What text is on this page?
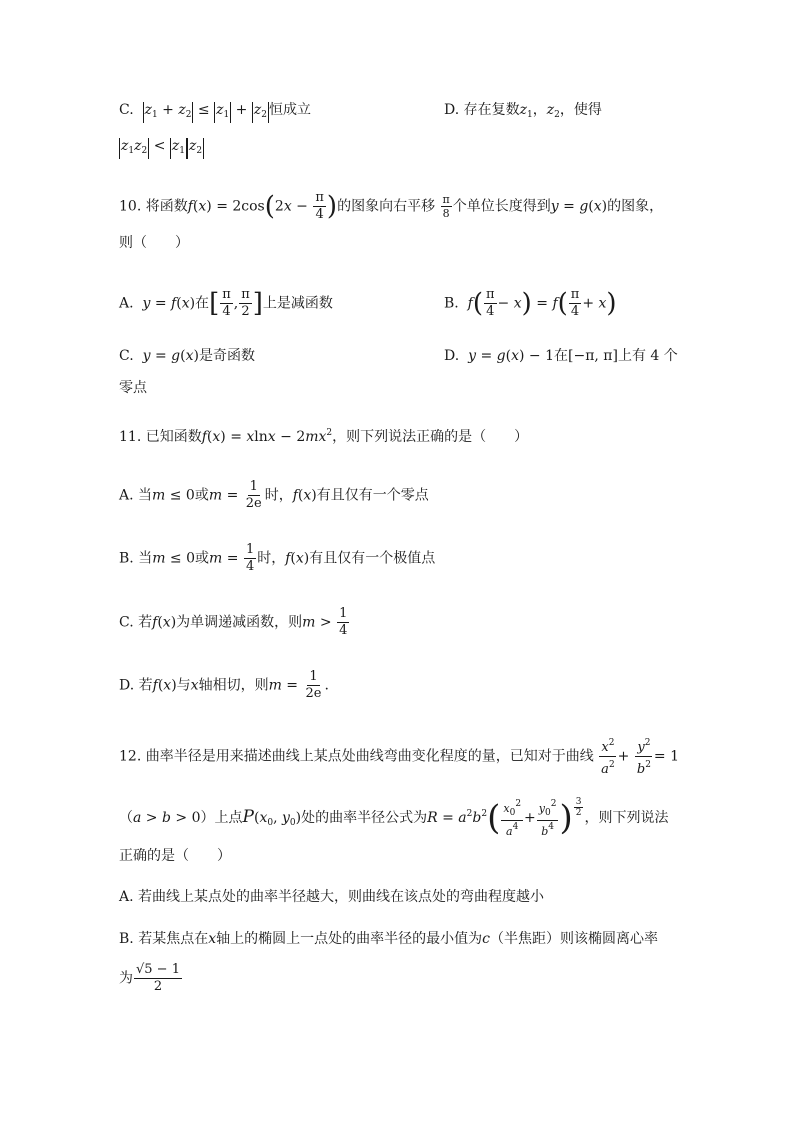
C. $z_1 + z_2 \le z_1 + z_2$ 恒成立	D. 存在复数$z_1$，$z_2$，使得
$z_1z_2 < z_1$ $z_2$
10. 将函数$f(x) = 2\cos(2x - \frac{\pi}{4}$ )的图象向右平移 $\frac{\pi}{8}$ 个单位长度得到y = g(x)的图象，
则（　　）
A. y = f(x)在[ $\frac{\pi}{4}$ , $\frac{\pi}{2}$ ]上是减函数	B. $f( \frac{\pi}{4} - x) = f( \frac{\pi}{4} + x)$
C. y = g(x)是奇函数	D. y = g(x) − 1在[−π, π]上有 4 个
零点
11. 已知函数$f(x) = xlnx - 2mx^2$，则下列说法正确的是（　　）
A. 当m ≤ 0或$m = \frac{1}{2e}$ 时，f(x)有且仅有一个零点
B. 当m ≤ 0或$m = \frac{1}{4}$ 时，f(x)有且仅有一个极值点
C. 若f(x)为单调递减函数，则$m > \frac{1}{4}$
D. 若f(x)与x轴相切，则$m = \frac{1}{2e}$ .
12. 曲率半径是用来描述曲线上某点处曲线弯曲变化程度的量，已知对于曲线 $\frac{x^2}{a^2} + \frac{y^2}{b^2} = 1$
（a > b > 0）上点$P(x_0$, $y_0$)处的曲率半径公式为$R = a^2b^2( \frac{x_0^2}{a^4} + \frac{y_0^2}{b^4}$ ) $\frac{3}{2}$ ，则下列说法
正确的是（　　）
A. 若曲线上某点处的曲率半径越大，则曲线在该点处的弯曲程度越小
B. 若某焦点在x轴上的椭圆上一点处的曲率半径的最小值为c（半焦距）则该椭圆离心率
为 $\frac{√5 - 1}{2}$
